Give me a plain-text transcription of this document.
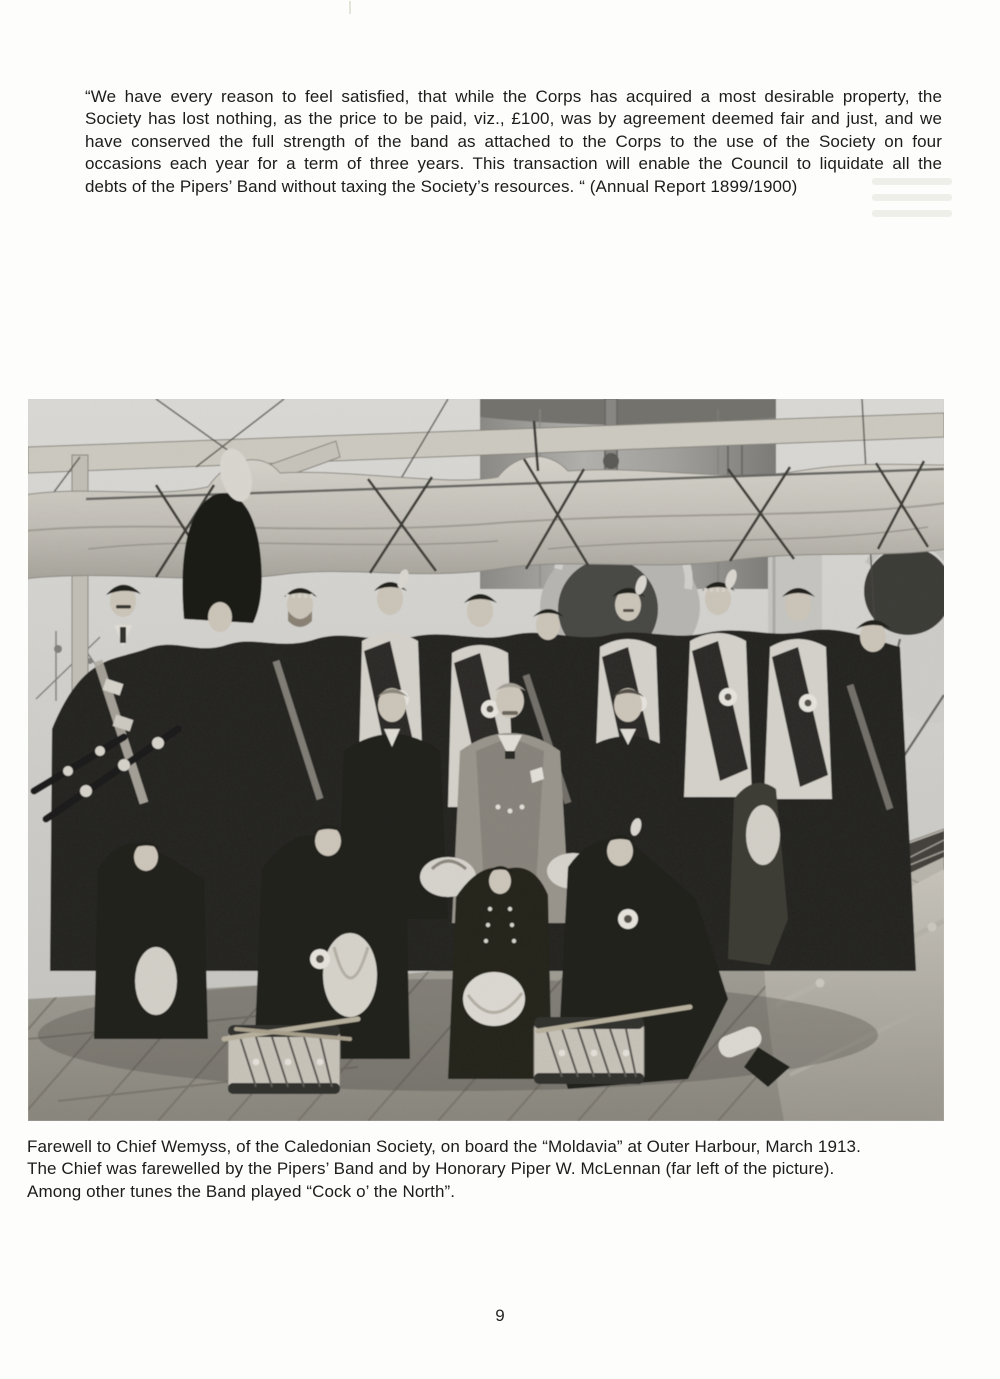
“We have every reason to feel satisfied, that while the Corps has acquired a most desirable property, the
Society has lost nothing, as the price to be paid, viz., £100, was by agreement deemed fair and just, and we
have conserved the full strength of the band as attached to the Corps to the use of the Society on four
occasions each year for a term of three years. This transaction will enable the Council to liquidate all the
debts of the Pipers’ Band without taxing the Society’s resources. “ (Annual Report 1899/1900)
Farewell to Chief Wemyss, of the Caledonian Society, on board the “Moldavia” at Outer Harbour, March 1913.
The Chief was farewelled by the Pipers’ Band and by Honorary Piper W. McLennan (far left of the picture).
Among other tunes the Band played “Cock o’ the North”.
9
